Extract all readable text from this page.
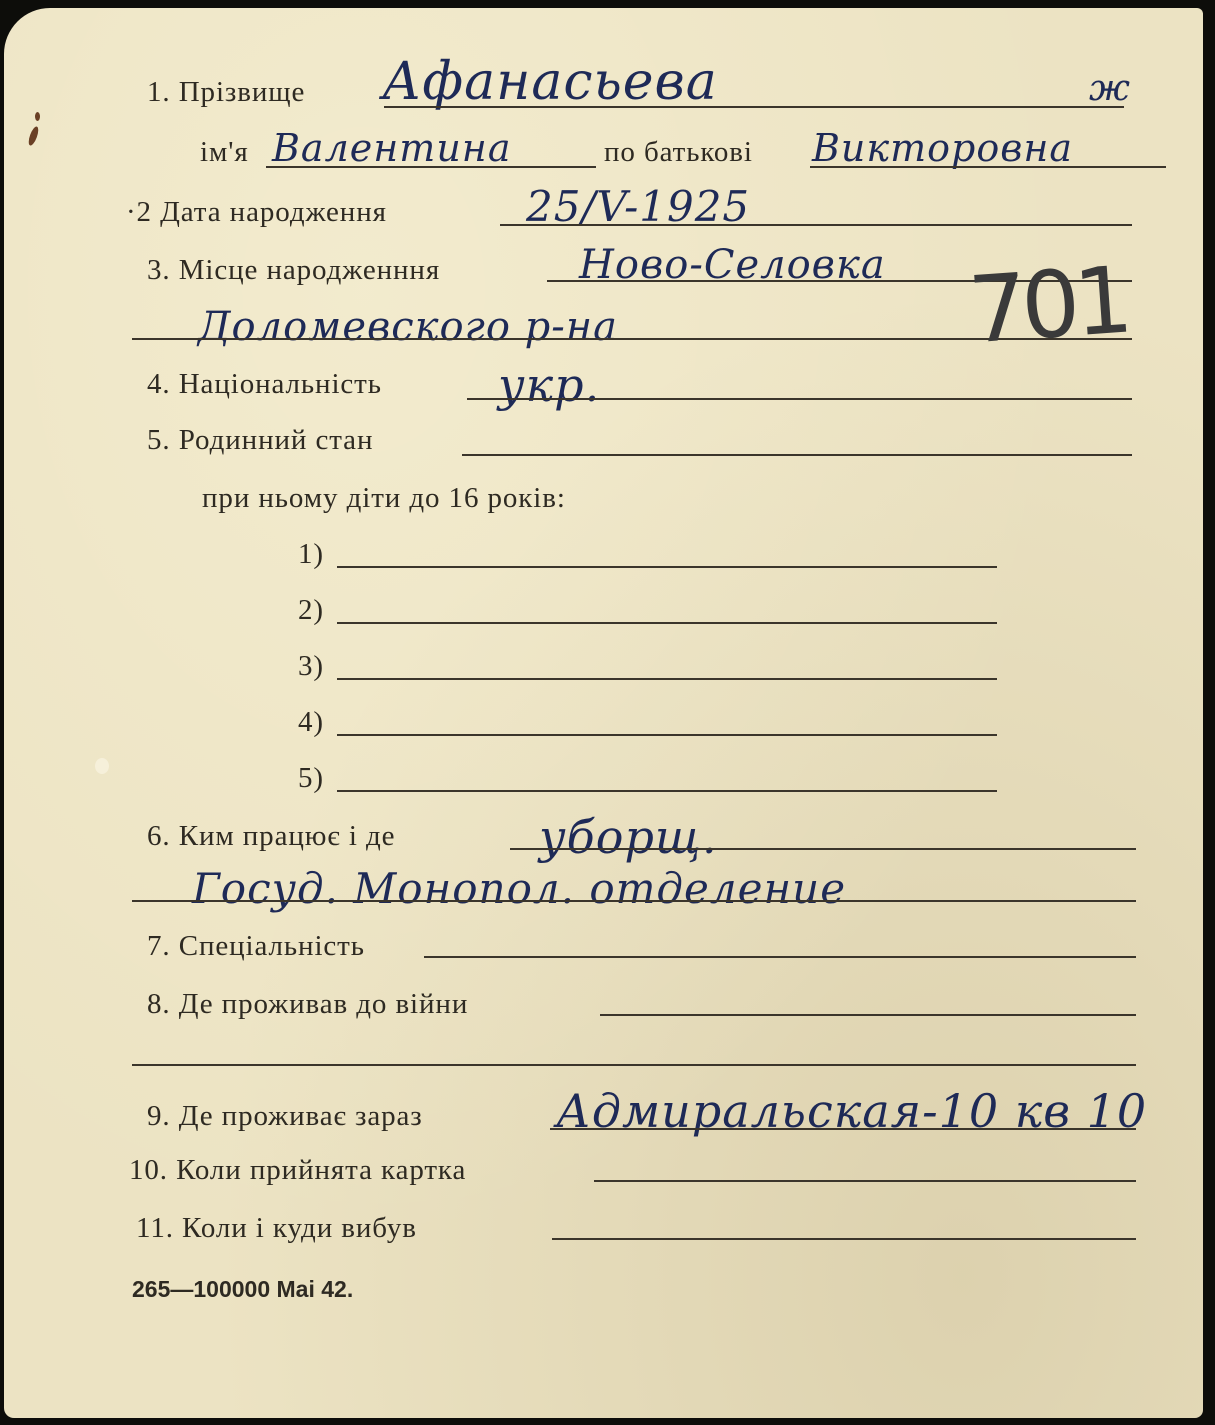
1. Прізвище Афанасьева	ж
ім'я Валентина	по батькові Викторовна
·2 Дата народження	25/V-1925
3. Місце народженння	Ново-Селовка
Доломевского р-на	701
4. Національність	укр.
5. Родинний стан
при ньому діти до 16 років:
1)
2)
3)
4)
5)
6. Ким працює і де	уборщ.
Госуд. Монопол. отделение
7. Спеціальність
8. Де проживав до війни
9. Де проживає зараз	Адмиральская-10 кв 10
10. Коли прийнята картка
11. Коли і куди вибув
265—100000 Mai 42.
